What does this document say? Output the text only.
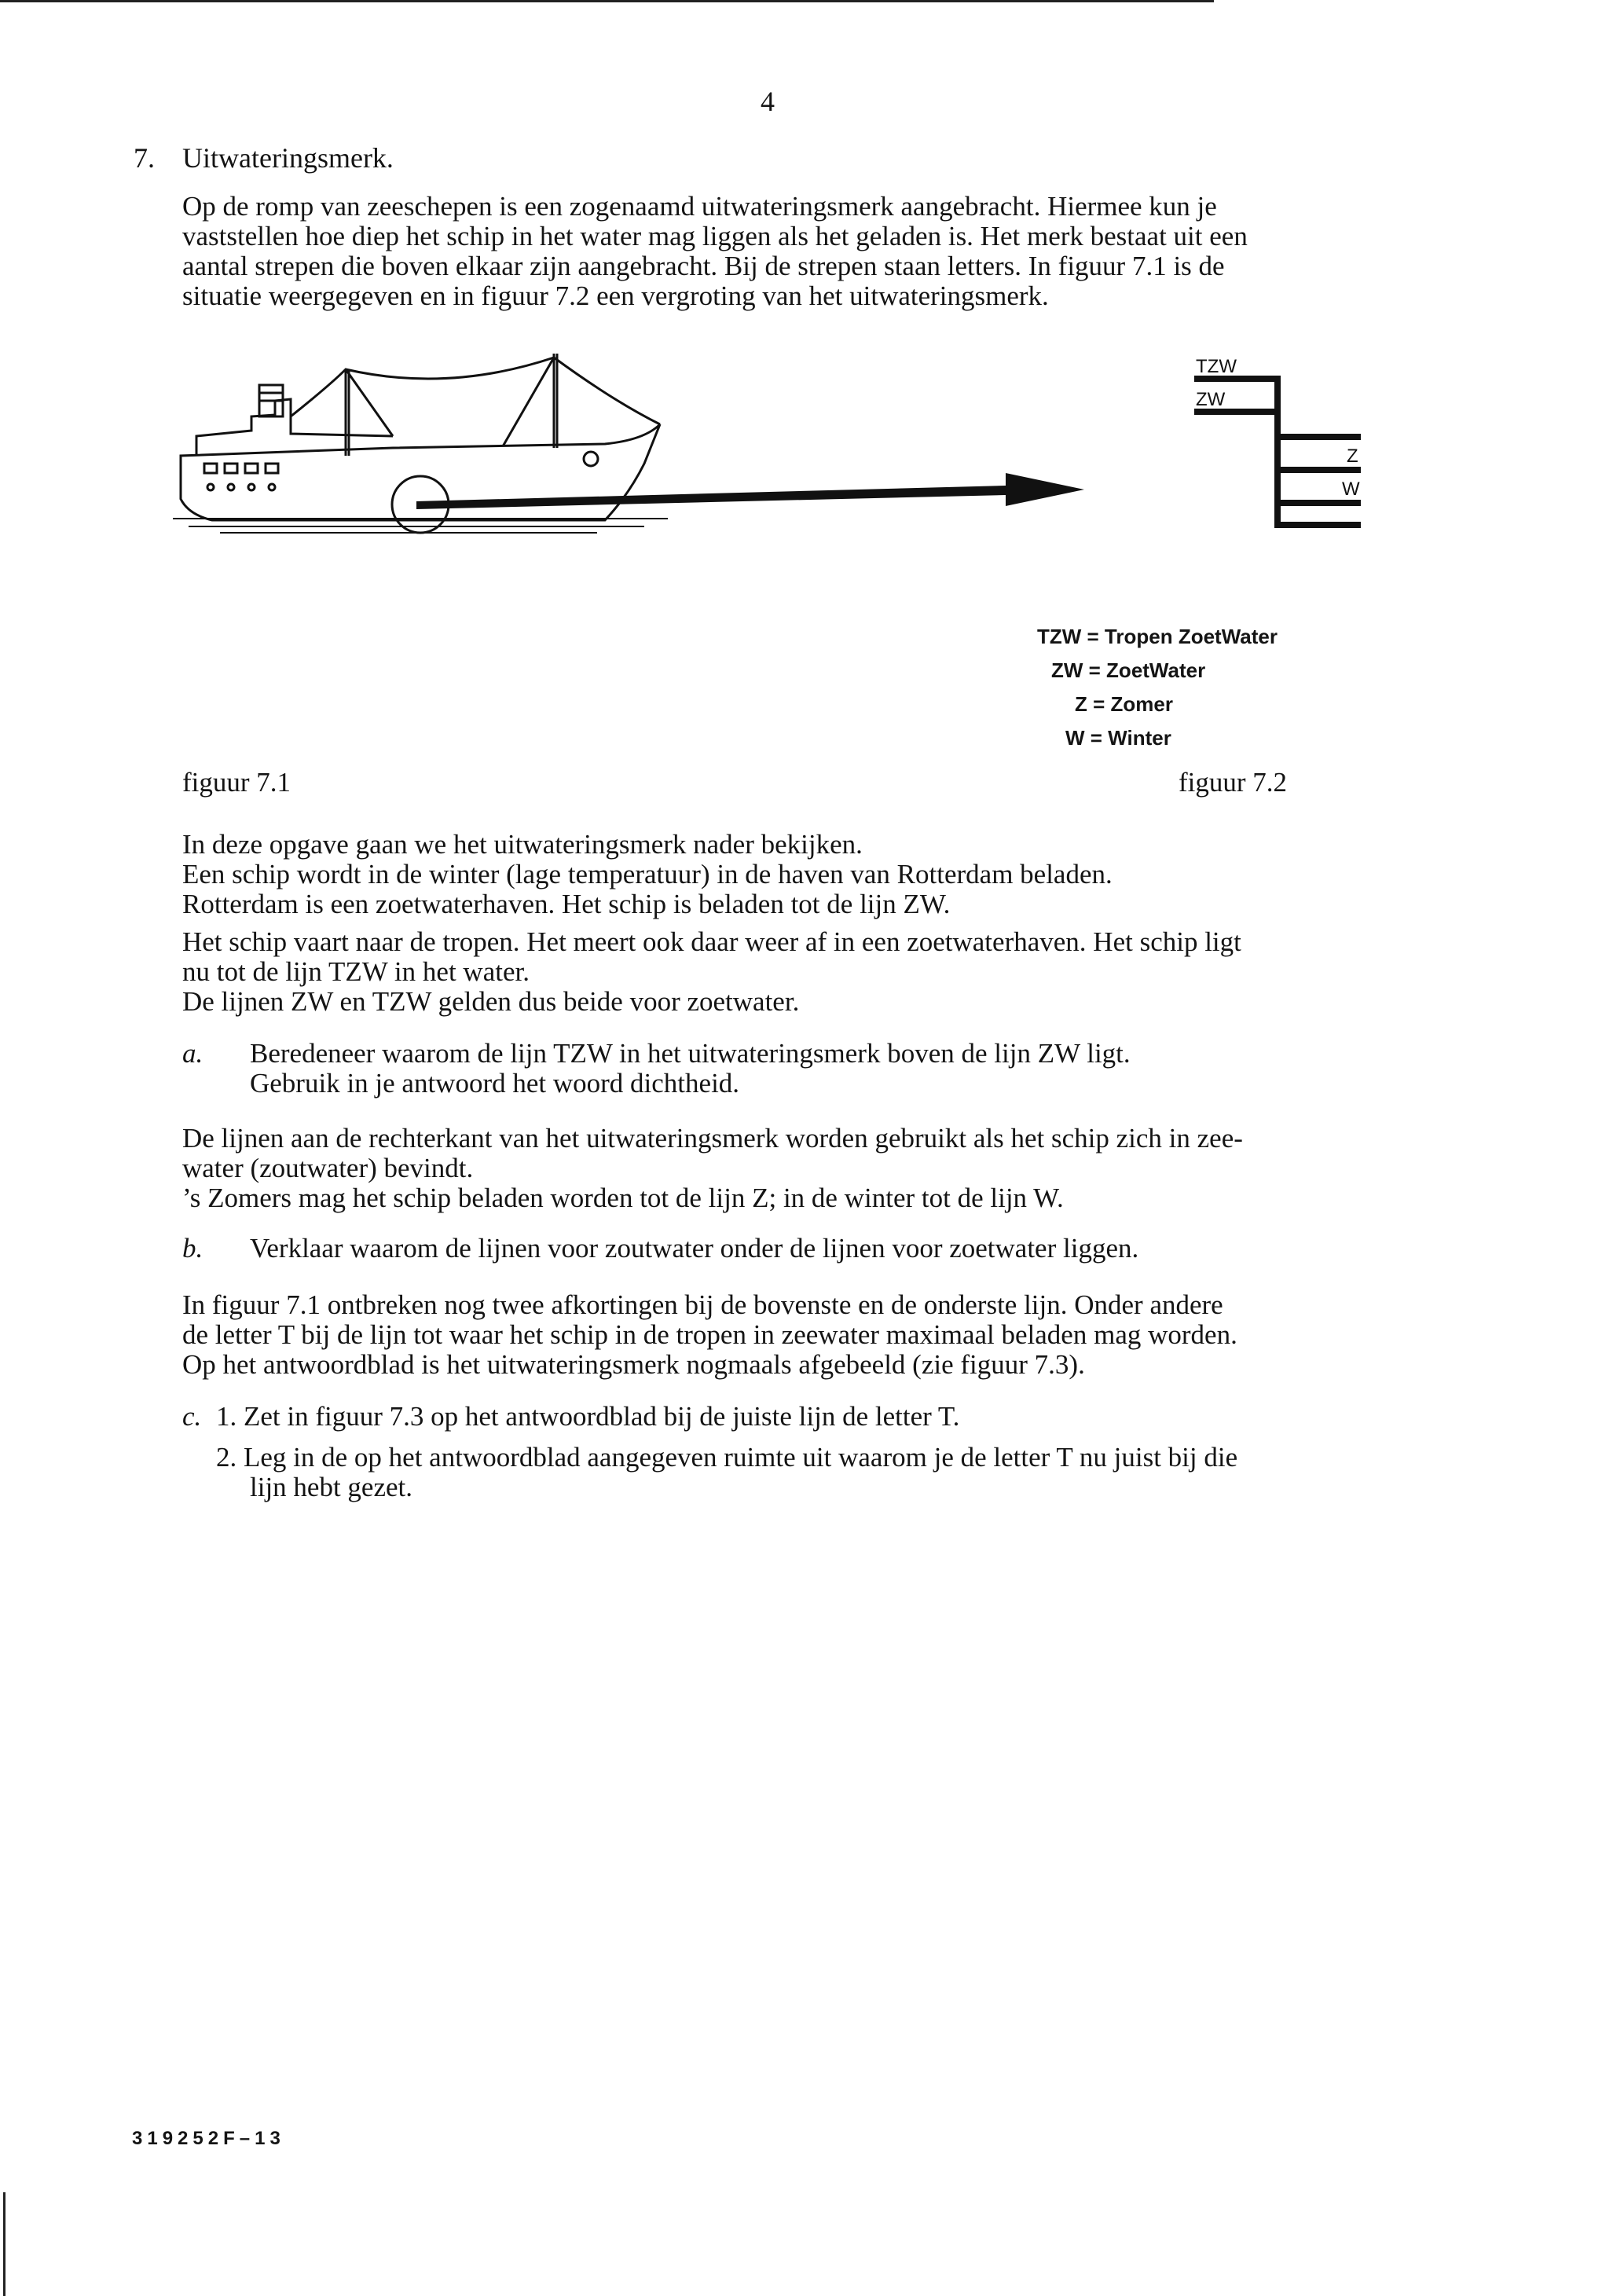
4
7. Uitwateringsmerk.

Op de romp van zeeschepen is een zogenaamd uitwateringsmerk aangebracht. Hiermee kun je
vaststellen hoe diep het schip in het water mag liggen als het geladen is. Het merk bestaat uit een
aantal strepen die boven elkaar zijn aangebracht. Bij de strepen staan letters. In figuur 7.1 is de
situatie weergegeven en in figuur 7.2 een vergroting van het uitwateringsmerk.

TZW
ZW
Z
W
TZW = Tropen ZoetWater
ZW = ZoetWater
Z = Zomer
W = Winter
figuur 7.1	figuur 7.2

In deze opgave gaan we het uitwateringsmerk nader bekijken.
Een schip wordt in de winter (lage temperatuur) in de haven van Rotterdam beladen.
Rotterdam is een zoetwaterhaven. Het schip is beladen tot de lijn ZW.

Het schip vaart naar de tropen. Het meert ook daar weer af in een zoetwaterhaven. Het schip ligt
nu tot de lijn TZW in het water.
De lijnen ZW en TZW gelden dus beide voor zoetwater.

a. Beredeneer waarom de lijn TZW in het uitwateringsmerk boven de lijn ZW ligt.
Gebruik in je antwoord het woord dichtheid.

De lijnen aan de rechterkant van het uitwateringsmerk worden gebruikt als het schip zich in zee-
water (zoutwater) bevindt.
’s Zomers mag het schip beladen worden tot de lijn Z; in de winter tot de lijn W.

b. Verklaar waarom de lijnen voor zoutwater onder de lijnen voor zoetwater liggen.

In figuur 7.1 ontbreken nog twee afkortingen bij de bovenste en de onderste lijn. Onder andere
de letter T bij de lijn tot waar het schip in de tropen in zeewater maximaal beladen mag worden.
Op het antwoordblad is het uitwateringsmerk nogmaals afgebeeld (zie figuur 7.3).

c. 1. Zet in figuur 7.3 op het antwoordblad bij de juiste lijn de letter T.
2. Leg in de op het antwoordblad aangegeven ruimte uit waarom je de letter T nu juist bij die
lijn hebt gezet.
319252F–13
